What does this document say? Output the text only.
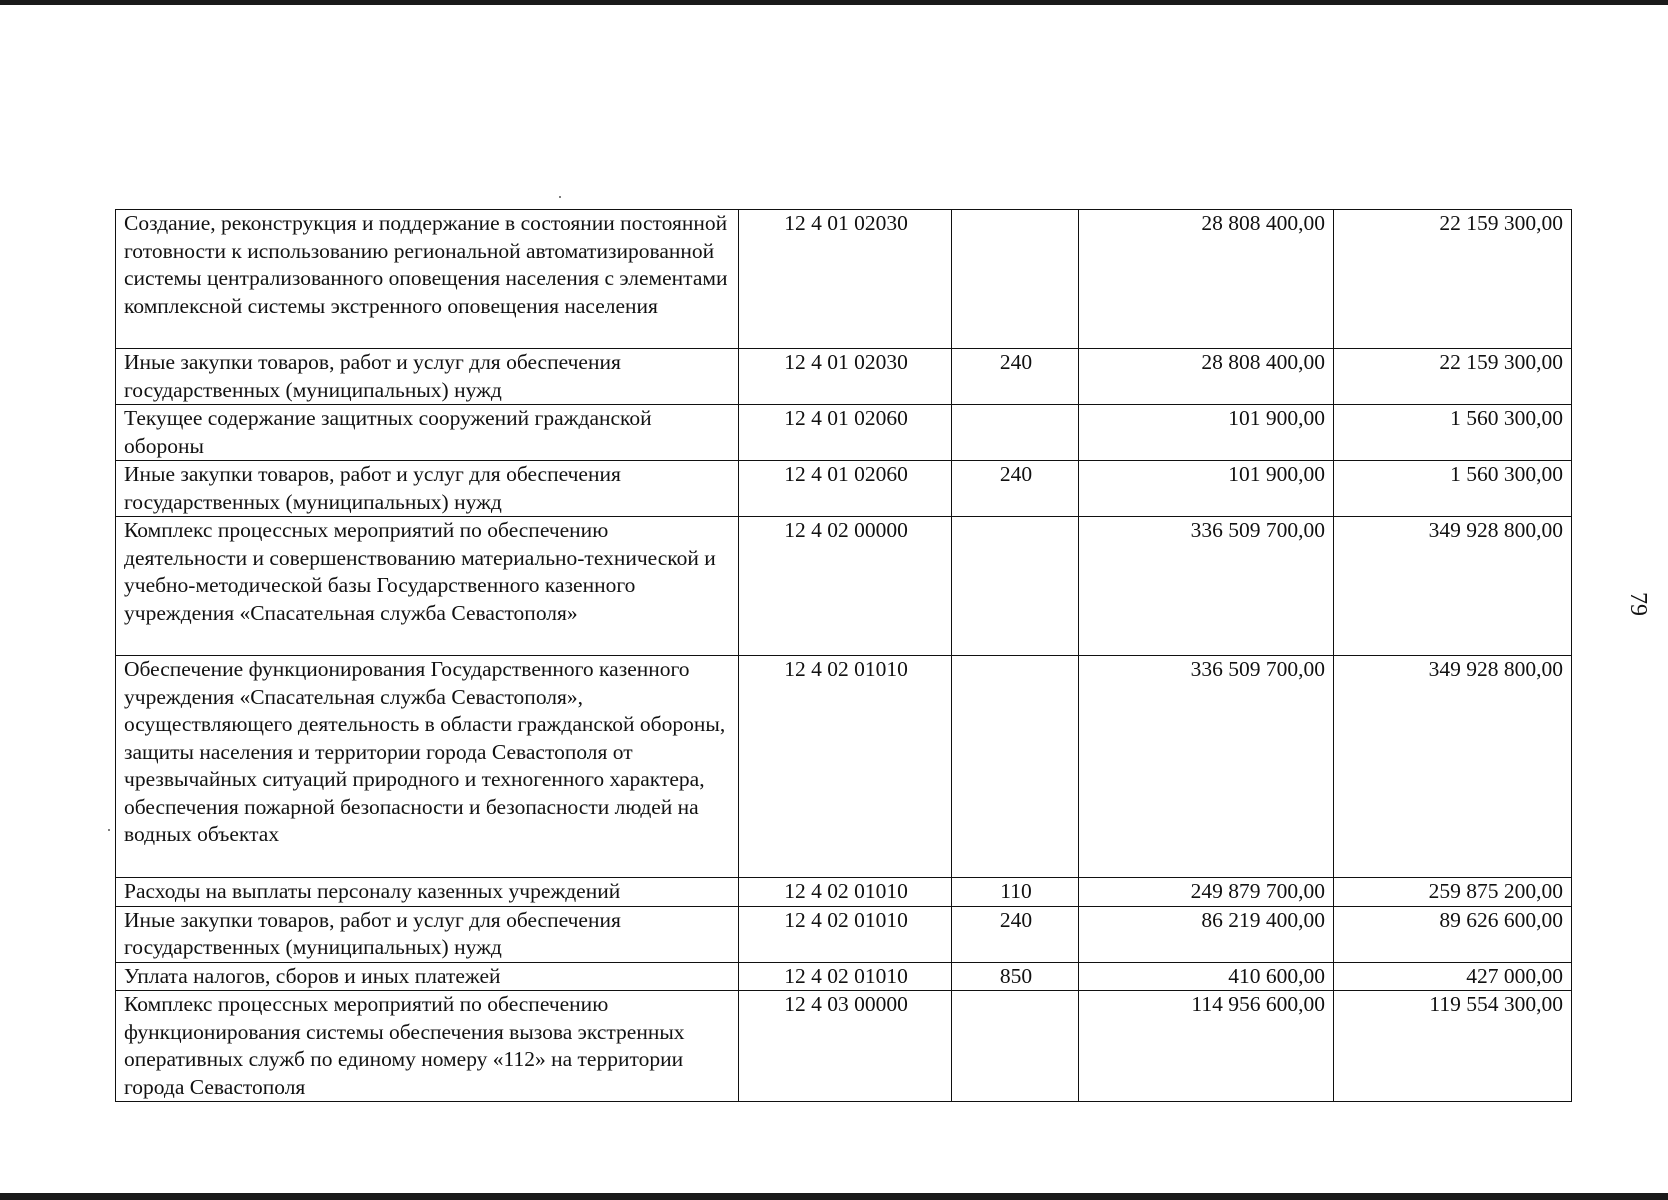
79
Создание, реконструкция и поддержание в состоянии постоянной готовности к использованию региональной автоматизированной системы централизованного оповещения населения с элементами комплексной системы экстренного оповещения населения	12 4 01 02030		28 808 400,00	22 159 300,00
Иные закупки товаров, работ и услуг для обеспечения государственных (муниципальных) нужд	12 4 01 02030	240	28 808 400,00	22 159 300,00
Текущее содержание защитных сооружений гражданской обороны	12 4 01 02060		101 900,00	1 560 300,00
Иные закупки товаров, работ и услуг для обеспечения государственных (муниципальных) нужд	12 4 01 02060	240	101 900,00	1 560 300,00
Комплекс процессных мероприятий по обеспечению деятельности и совершенствованию материально-технической и учебно-методической базы Государственного казенного учреждения «Спасательная служба Севастополя»	12 4 02 00000		336 509 700,00	349 928 800,00
Обеспечение функционирования Государственного казенного учреждения «Спасательная служба Севастополя», осуществляющего деятельность в области гражданской обороны, защиты населения и территории города Севастополя от чрезвычайных ситуаций природного и техногенного характера, обеспечения пожарной безопасности и безопасности людей на водных объектах	12 4 02 01010		336 509 700,00	349 928 800,00
Расходы на выплаты персоналу казенных учреждений	12 4 02 01010	110	249 879 700,00	259 875 200,00
Иные закупки товаров, работ и услуг для обеспечения государственных (муниципальных) нужд	12 4 02 01010	240	86 219 400,00	89 626 600,00
Уплата налогов, сборов и иных платежей	12 4 02 01010	850	410 600,00	427 000,00
Комплекс процессных мероприятий по обеспечению функционирования системы обеспечения вызова экстренных оперативных служб по единому номеру «112» на территории города Севастополя	12 4 03 00000		114 956 600,00	119 554 300,00
